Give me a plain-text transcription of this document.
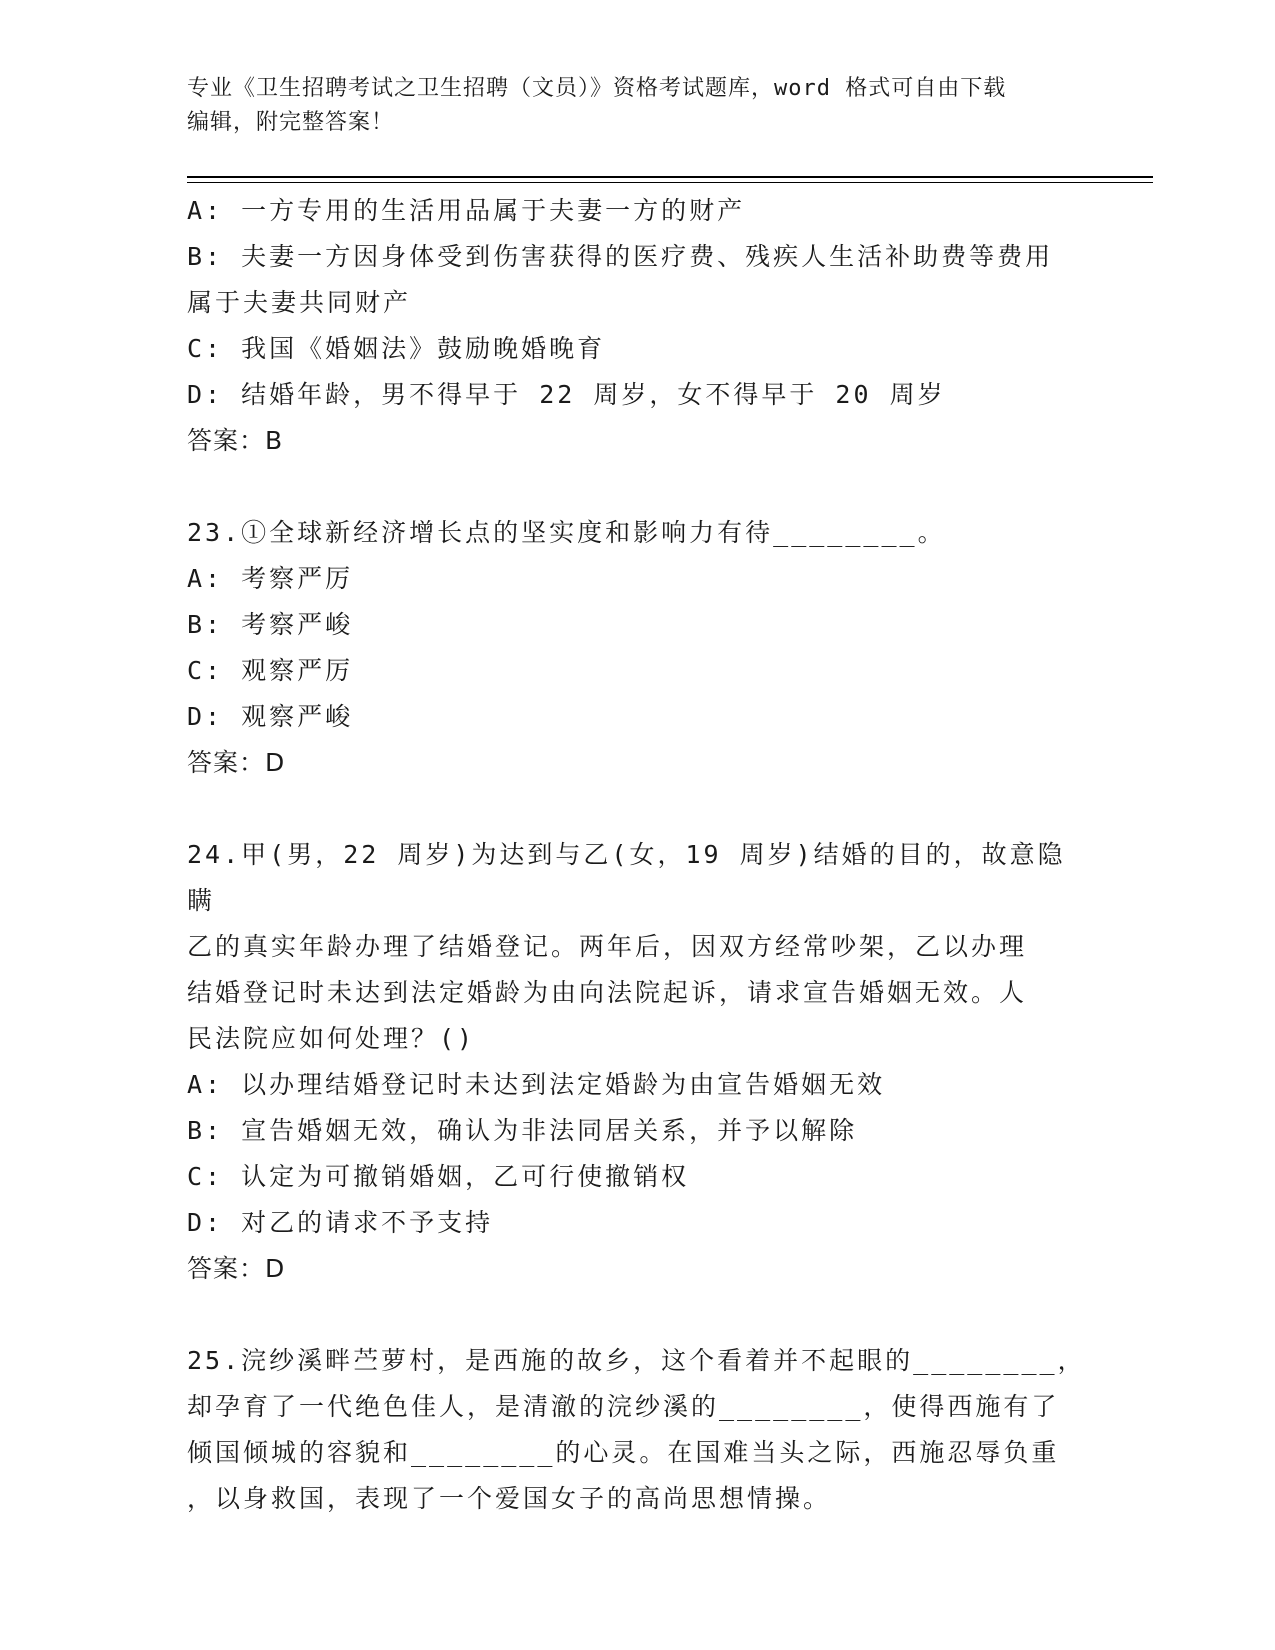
专业《卫生招聘考试之卫生招聘（文员）》资格考试题库，word 格式可自由下载
编辑，附完整答案！
A: 一方专用的生活用品属于夫妻一方的财产
B: 夫妻一方因身体受到伤害获得的医疗费、残疾人生活补助费等费用
属于夫妻共同财产
C: 我国《婚姻法》鼓励晚婚晚育
D: 结婚年龄，男不得早于 22 周岁，女不得早于 20 周岁
答案：B
23.①全球新经济增长点的坚实度和影响力有待________。
A: 考察严厉
B: 考察严峻
C: 观察严厉
D: 观察严峻
答案：D
24.甲(男，22 周岁)为达到与乙(女，19 周岁)结婚的目的，故意隐瞒
乙的真实年龄办理了结婚登记。两年后，因双方经常吵架，乙以办理
结婚登记时未达到法定婚龄为由向法院起诉，请求宣告婚姻无效。人
民法院应如何处理？()
A: 以办理结婚登记时未达到法定婚龄为由宣告婚姻无效
B: 宣告婚姻无效，确认为非法同居关系，并予以解除
C: 认定为可撤销婚姻，乙可行使撤销权
D: 对乙的请求不予支持
答案：D
25.浣纱溪畔苎萝村，是西施的故乡，这个看着并不起眼的________，
却孕育了一代绝色佳人，是清澈的浣纱溪的________，使得西施有了
倾国倾城的容貌和________的心灵。在国难当头之际，西施忍辱负重
，以身救国，表现了一个爱国女子的高尚思想情操。
